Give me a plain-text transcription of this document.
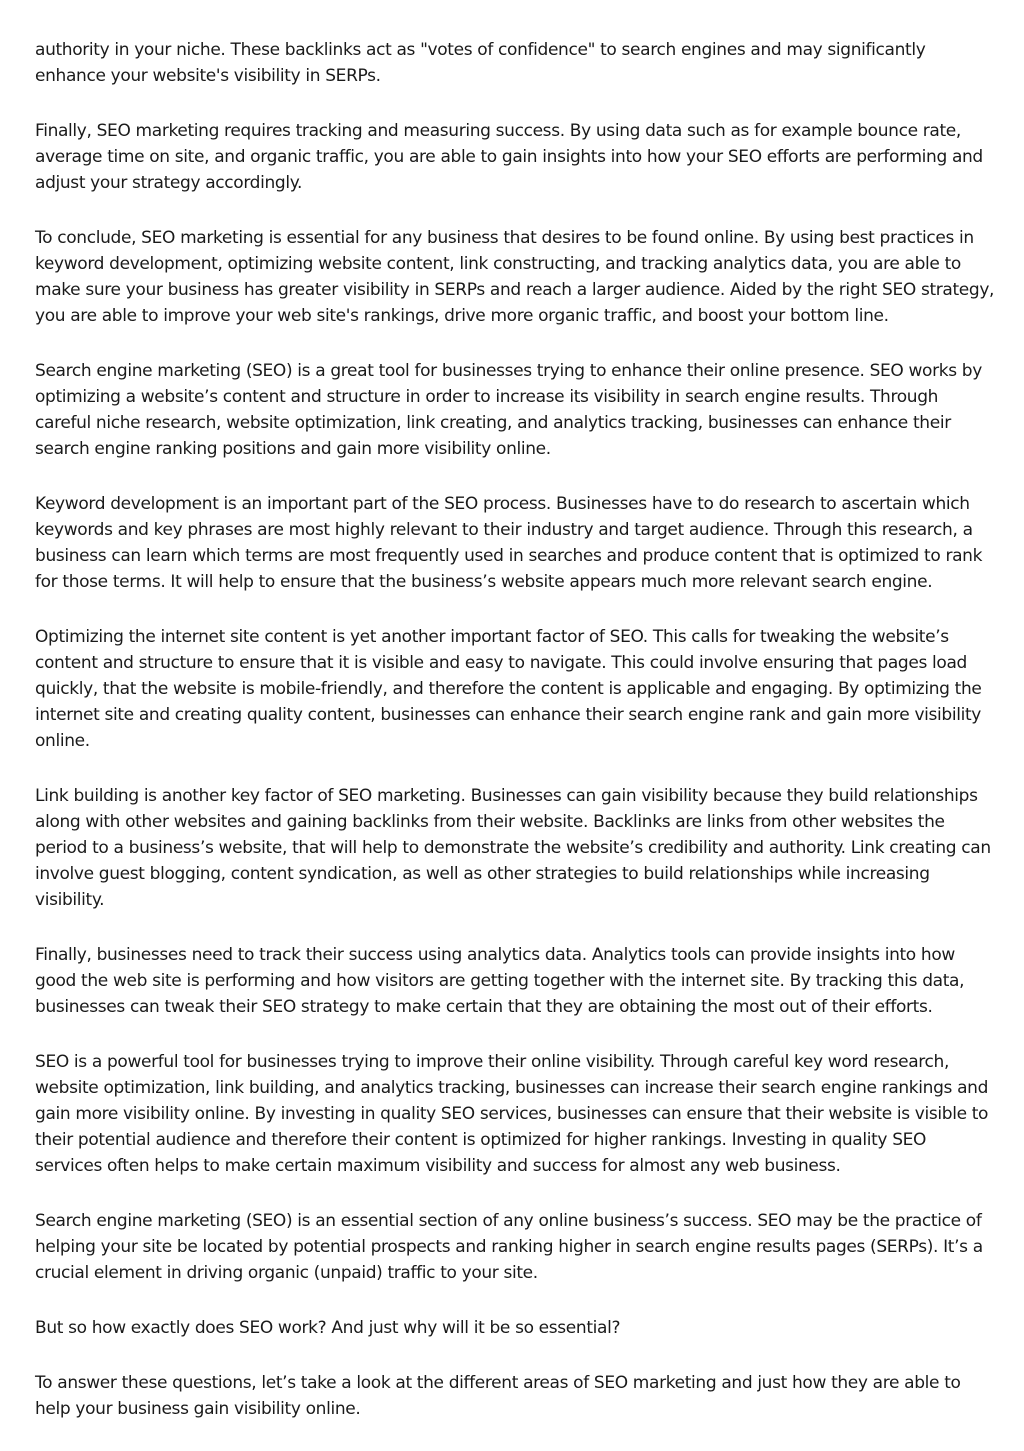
authority in your niche. These backlinks act as "votes of confidence" to search engines and may significantly enhance your website's visibility in SERPs.

Finally, SEO marketing requires tracking and measuring success. By using data such as for example bounce rate, average time on site, and organic traffic, you are able to gain insights into how your SEO efforts are performing and adjust your strategy accordingly.

To conclude, SEO marketing is essential for any business that desires to be found online. By using best practices in keyword development, optimizing website content, link constructing, and tracking analytics data, you are able to make sure your business has greater visibility in SERPs and reach a larger audience. Aided by the right SEO strategy, you are able to improve your web site's rankings, drive more organic traffic, and boost your bottom line.

Search engine marketing (SEO) is a great tool for businesses trying to enhance their online presence. SEO works by optimizing a website’s content and structure in order to increase its visibility in search engine results. Through careful niche research, website optimization, link creating, and analytics tracking, businesses can enhance their search engine ranking positions and gain more visibility online.

Keyword development is an important part of the SEO process. Businesses have to do research to ascertain which keywords and key phrases are most highly relevant to their industry and target audience. Through this research, a business can learn which terms are most frequently used in searches and produce content that is optimized to rank for those terms. It will help to ensure that the business’s website appears much more relevant search engine.

Optimizing the internet site content is yet another important factor of SEO. This calls for tweaking the website’s content and structure to ensure that it is visible and easy to navigate. This could involve ensuring that pages load quickly, that the website is mobile-friendly, and therefore the content is applicable and engaging. By optimizing the internet site and creating quality content, businesses can enhance their search engine rank and gain more visibility online.

Link building is another key factor of SEO marketing. Businesses can gain visibility because they build relationships along with other websites and gaining backlinks from their website. Backlinks are links from other websites the period to a business’s website, that will help to demonstrate the website’s credibility and authority. Link creating can involve guest blogging, content syndication, as well as other strategies to build relationships while increasing visibility.

Finally, businesses need to track their success using analytics data. Analytics tools can provide insights into how good the web site is performing and how visitors are getting together with the internet site. By tracking this data, businesses can tweak their SEO strategy to make certain that they are obtaining the most out of their efforts.

SEO is a powerful tool for businesses trying to improve their online visibility. Through careful key word research, website optimization, link building, and analytics tracking, businesses can increase their search engine rankings and gain more visibility online. By investing in quality SEO services, businesses can ensure that their website is visible to their potential audience and therefore their content is optimized for higher rankings. Investing in quality SEO services often helps to make certain maximum visibility and success for almost any web business.

Search engine marketing (SEO) is an essential section of any online business’s success. SEO may be the practice of helping your site be located by potential prospects and ranking higher in search engine results pages (SERPs). It’s a crucial element in driving organic (unpaid) traffic to your site.

But so how exactly does SEO work? And just why will it be so essential?

To answer these questions, let’s take a look at the different areas of SEO marketing and just how they are able to help your business gain visibility online.
